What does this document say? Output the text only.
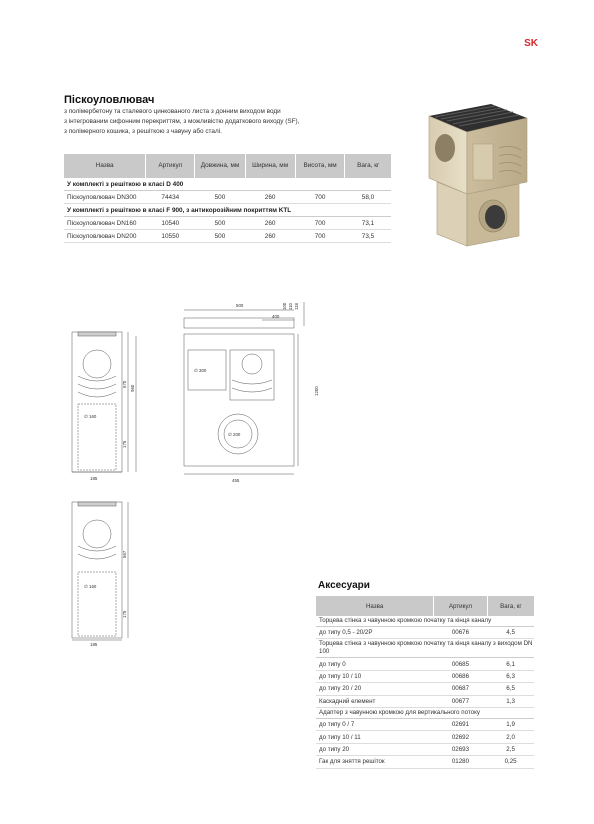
SK
Піскоуловлювач
з полімербетону та сталевого цинкованого листа з донним виходом води
з інтегрованим сифонним перекриттям, з можливістю додаткового виходу (SF),
з полімерного кошика, з решіткою з чавуну або сталі.
Назва	Артикул	Довжина, мм	Ширина, мм	Висота, мм	Вага, кг
У комплекті з решіткою в класі D 400					
Піскоуловлювач DN300	74434	500	260	700	58,0
У комплекті з решіткою в класі F 900, з антикорозійним покриттям KTL					
Піскоуловлювач DN160	10540	500	260	700	73,1
Піскоуловлювач DN200	10550	500	260	700	73,5
500
400
100 110 118
1200
455
∅ 300
∅ 200
670
960
∅ 160
175
185
567
∅ 160
175
185
Аксесуари
Назва	Артикул	Вага, кг
Торцева стінка з чавунною кромкою початку та кінця каналу		
до типу 0,5 - 20/2P	00676	4,5
Торцева стінка з чавунною кромкою початку та кінця каналу з виходом DN 100		
до типу 0	00685	6,1
до типу 10 / 10	00686	6,3
до типу 20 / 20	00687	6,5
Каскадний елемент	00677	1,3
Адаптер з чавунною кромкою для вертикального потоку		
до типу 0 / 7	02691	1,9
до типу 10 / 11	02692	2,0
до типу 20	02693	2,5
Гак для зняття решіток	01280	0,25
